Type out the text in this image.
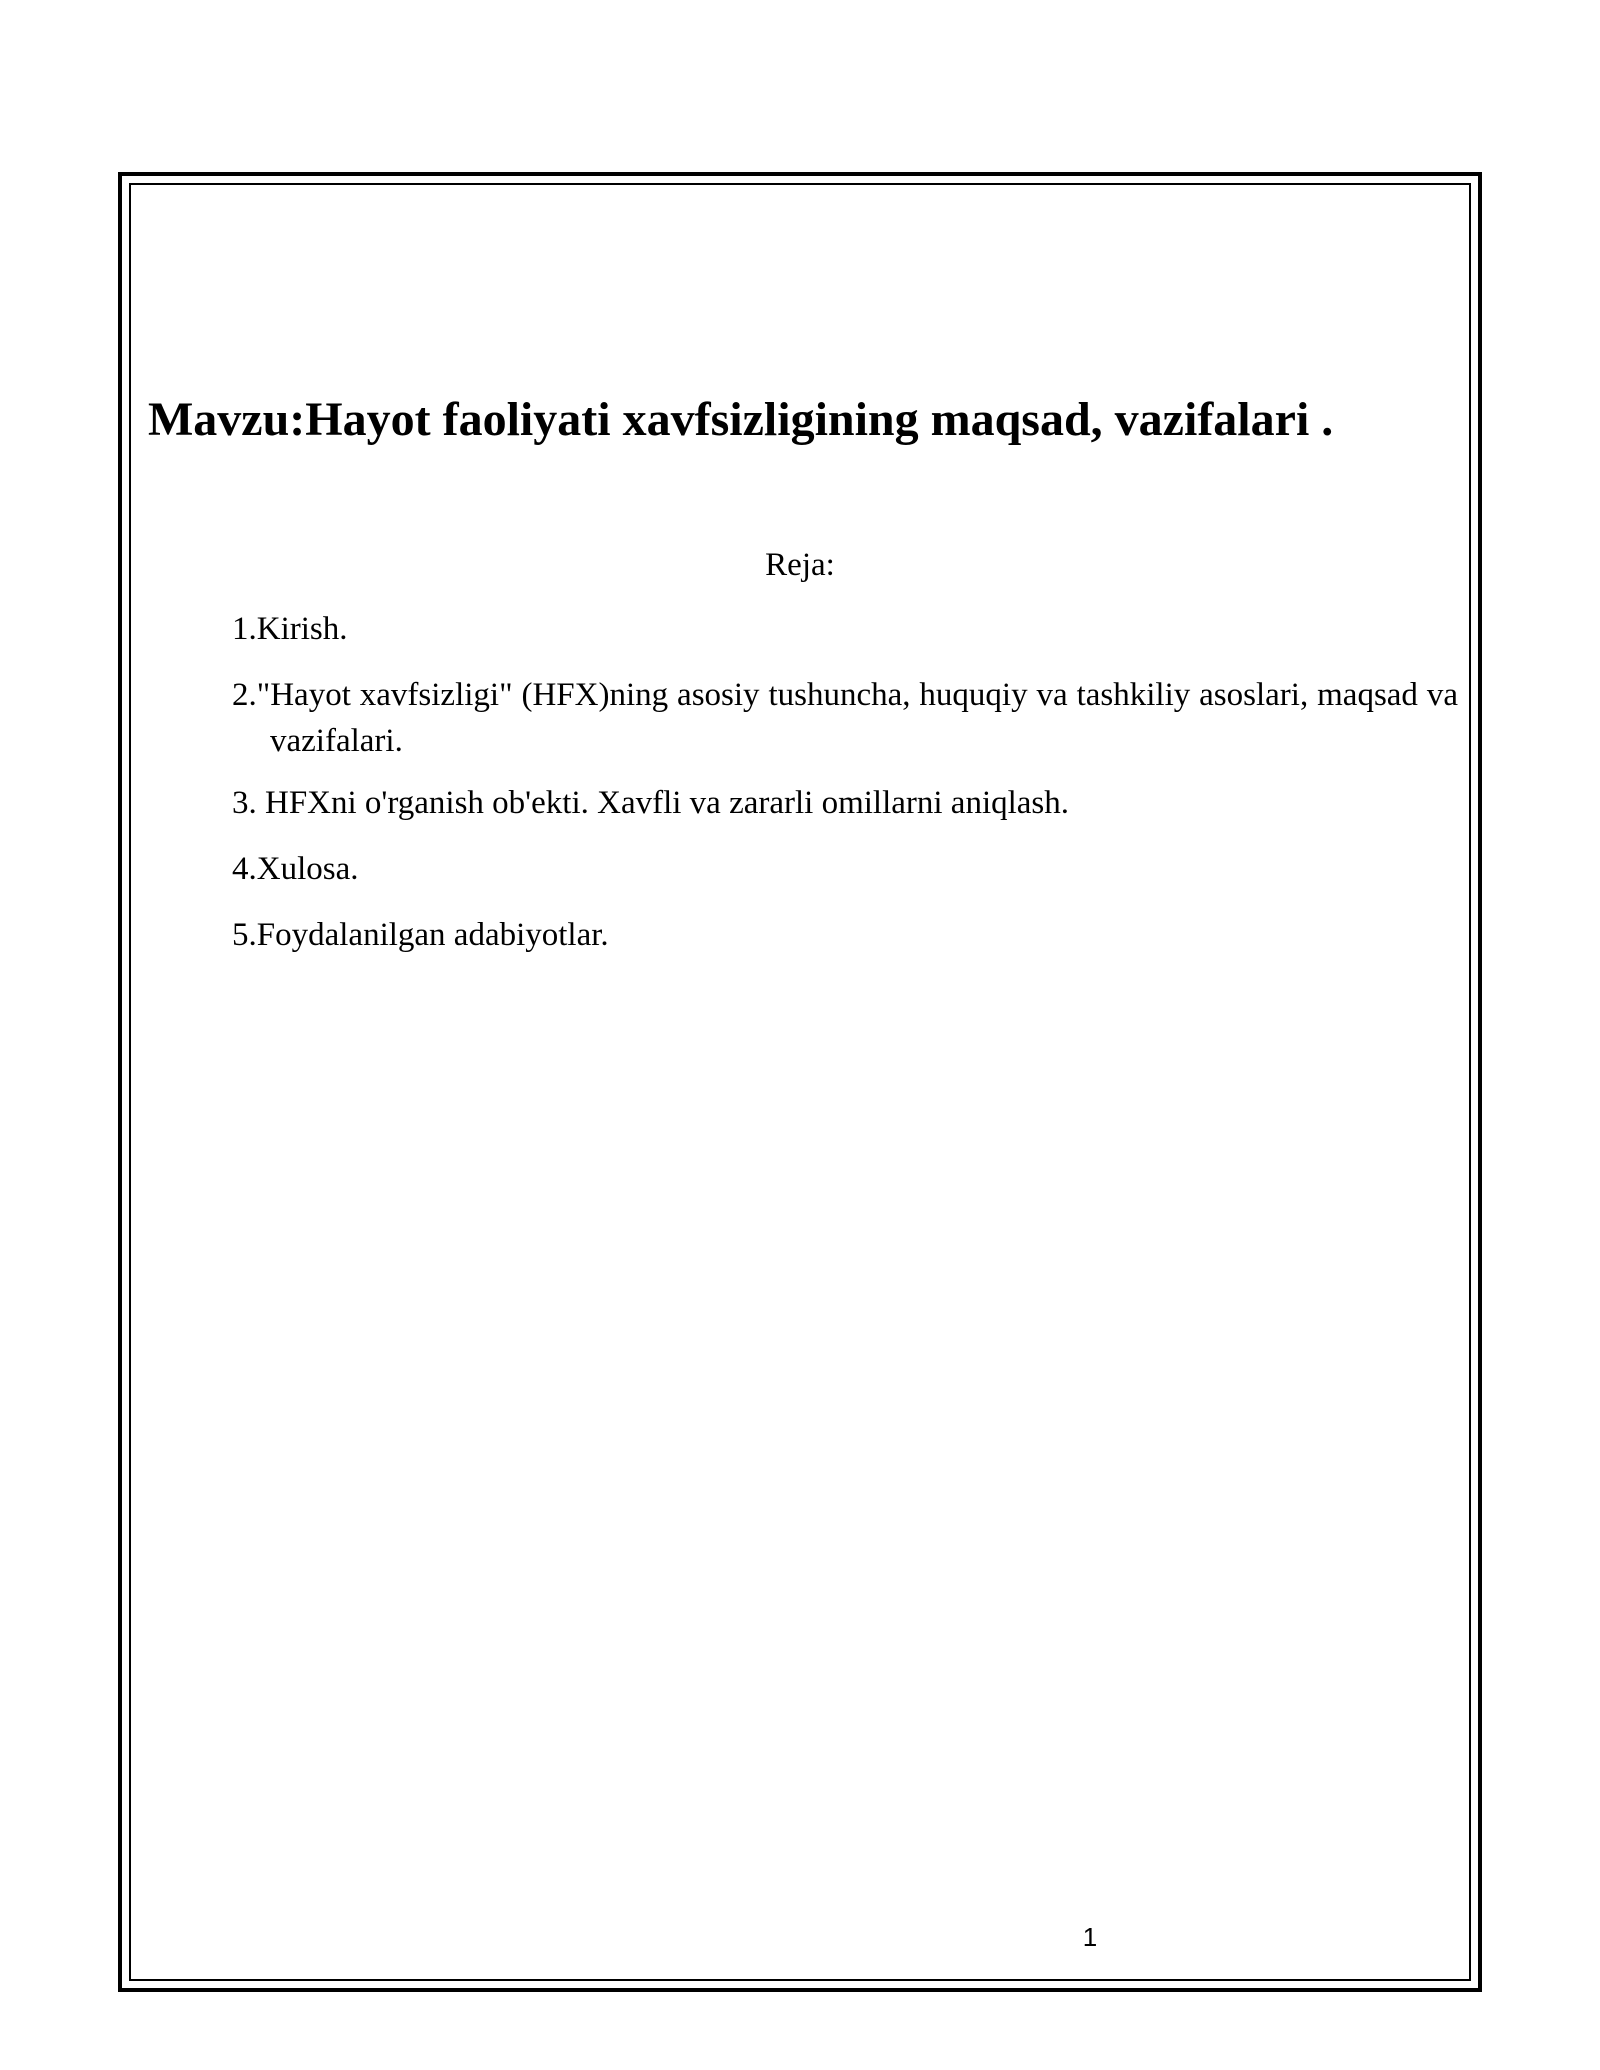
Mavzu:Hayot faoliyati xavfsizligining maqsad, vazifalari .
Reja:
1.Kirish.
2."Hayot xavfsizligi" (HFX)ning asosiy tushuncha, huquqiy va tashkiliy asoslari, maqsad va vazifalari.
3. HFXni o'rganish ob'ekti. Xavfli va zararli omillarni aniqlash.
4.Xulosa.
5.Foydalanilgan adabiyotlar.
1
